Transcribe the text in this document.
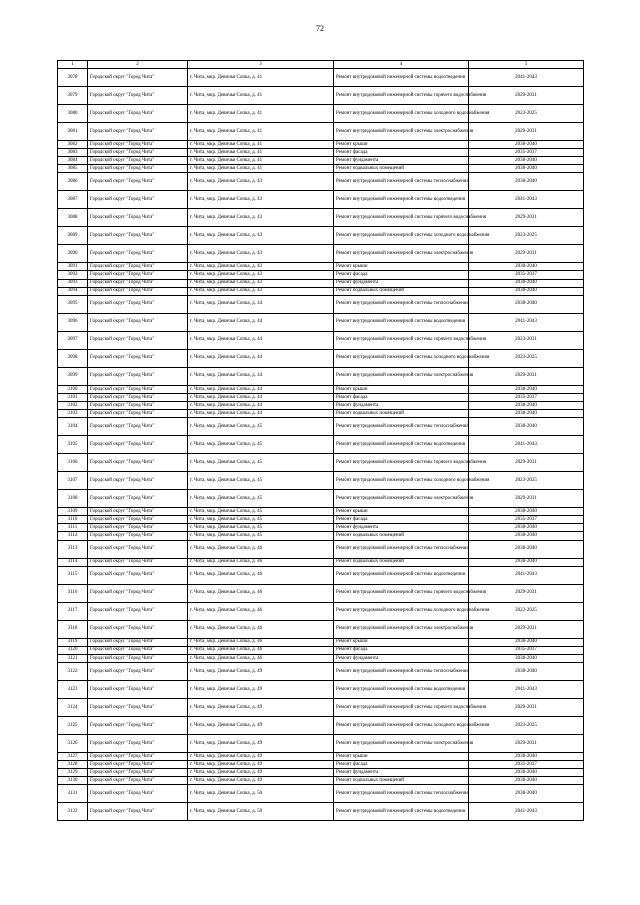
72
1	2	3	4	5
3078	Городской округ "Город Чита"	г. Чита, мкр. Девичья Сопка, д. 41	Ремонт внутридомовой инженерной системы водоотведения	2041-2043
3079	Городской округ "Город Чита"	г. Чита, мкр. Девичья Сопка, д. 41	Ремонт внутридомовой инженерной системы горячего водоснабжения	2029-2031
3080	Городской округ "Город Чита"	г. Чита, мкр. Девичья Сопка, д. 41	Ремонт внутридомовой инженерной системы холодного водоснабжения	2023-2025
3081	Городской округ "Город Чита"	г. Чита, мкр. Девичья Сопка, д. 41	Ремонт внутридомовой инженерной системы электроснабжения	2029-2031
3082	Городской округ "Город Чита"	г. Чита, мкр. Девичья Сопка, д. 41	Ремонт крыши	2038-2040
3083	Городской округ "Город Чита"	г. Чита, мкр. Девичья Сопка, д. 41	Ремонт фасада	2035-2037
3084	Городской округ "Город Чита"	г. Чита, мкр. Девичья Сопка, д. 41	Ремонт фундамента	2038-2040
3085	Городской округ "Город Чита"	г. Чита, мкр. Девичья Сопка, д. 41	Ремонт подвальных помещений	2038-2040
3086	Городской округ "Город Чита"	г. Чита, мкр. Девичья Сопка, д. 43	Ремонт внутридомовой инженерной системы теплоснабжения	2038-2040
3087	Городской округ "Город Чита"	г. Чита, мкр. Девичья Сопка, д. 43	Ремонт внутридомовой инженерной системы водоотведения	2041-2043
3088	Городской округ "Город Чита"	г. Чита, мкр. Девичья Сопка, д. 43	Ремонт внутридомовой инженерной системы горячего водоснабжения	2029-2031
3089	Городской округ "Город Чита"	г. Чита, мкр. Девичья Сопка, д. 43	Ремонт внутридомовой инженерной системы холодного водоснабжения	2023-2025
3090	Городской округ "Город Чита"	г. Чита, мкр. Девичья Сопка, д. 43	Ремонт внутридомовой инженерной системы электроснабжения	2029-2031
3091	Городской округ "Город Чита"	г. Чита, мкр. Девичья Сопка, д. 43	Ремонт крыши	2038-2040
3092	Городской округ "Город Чита"	г. Чита, мкр. Девичья Сопка, д. 43	Ремонт фасада	2035-2037
3093	Городской округ "Город Чита"	г. Чита, мкр. Девичья Сопка, д. 43	Ремонт фундамента	2038-2040
3094	Городской округ "Город Чита"	г. Чита, мкр. Девичья Сопка, д. 43	Ремонт подвальных помещений	2038-2040
3095	Городской округ "Город Чита"	г. Чита, мкр. Девичья Сопка, д. 44	Ремонт внутридомовой инженерной системы теплоснабжения	2038-2040
3096	Городской округ "Город Чита"	г. Чита, мкр. Девичья Сопка, д. 44	Ремонт внутридомовой инженерной системы водоотведения	2041-2043
3097	Городской округ "Город Чита"	г. Чита, мкр. Девичья Сопка, д. 44	Ремонт внутридомовой инженерной системы горячего водоснабжения	2023-2031
3098	Городской округ "Город Чита"	г. Чита, мкр. Девичья Сопка, д. 44	Ремонт внутридомовой инженерной системы холодного водоснабжения	2023-2025
3099	Городской округ "Город Чита"	г. Чита, мкр. Девичья Сопка, д. 44	Ремонт внутридомовой инженерной системы электроснабжения	2029-2031
3100	Городской округ "Город Чита"	г. Чита, мкр. Девичья Сопка, д. 44	Ремонт крыши	2038-2040
3101	Городской округ "Город Чита"	г. Чита, мкр. Девичья Сопка, д. 44	Ремонт фасада	2035-2037
3102	Городской округ "Город Чита"	г. Чита, мкр. Девичья Сопка, д. 44	Ремонт фундамента	2038-2040
3103	Городской округ "Город Чита"	г. Чита, мкр. Девичья Сопка, д. 44	Ремонт подвальных помещений	2038-2040
3104	Городской округ "Город Чита"	г. Чита, мкр. Девичья Сопка, д. 45	Ремонт внутридомовой инженерной системы теплоснабжения	2038-2040
3105	Городской округ "Город Чита"	г. Чита, мкр. Девичья Сопка, д. 45	Ремонт внутридомовой инженерной системы водоотведения	2041-2043
3106	Городской округ "Город Чита"	г. Чита, мкр. Девичья Сопка, д. 45	Ремонт внутридомовой инженерной системы горячего водоснабжения	2029-2031
3107	Городской округ "Город Чита"	г. Чита, мкр. Девичья Сопка, д. 45	Ремонт внутридомовой инженерной системы холодного водоснабжения	2023-2025
3108	Городской округ "Город Чита"	г. Чита, мкр. Девичья Сопка, д. 45	Ремонт внутридомовой инженерной системы электроснабжения	2029-2031
3109	Городской округ "Город Чита"	г. Чита, мкр. Девичья Сопка, д. 45	Ремонт крыши	2038-2040
3110	Городской округ "Город Чита"	г. Чита, мкр. Девичья Сопка, д. 45	Ремонт фасада	2035-2037
3111	Городской округ "Город Чита"	г. Чита, мкр. Девичья Сопка, д. 45	Ремонт фундамента	2038-2040
3112	Городской округ "Город Чита"	г. Чита, мкр. Девичья Сопка, д. 45	Ремонт подвальных помещений	2038-2040
3113	Городской округ "Город Чита"	г. Чита, мкр. Девичья Сопка, д. 46	Ремонт внутридомовой инженерной системы теплоснабжения	2038-2040
3114	Городской округ "Город Чита"	г. Чита, мкр. Девичья Сопка, д. 46	Ремонт подвальных помещений	2038-2040
3115	Городской округ "Город Чита"	г. Чита, мкр. Девичья Сопка, д. 46	Ремонт внутридомовой инженерной системы водоотведения	2041-2043
3116	Городской округ "Город Чита"	г. Чита, мкр. Девичья Сопка, д. 46	Ремонт внутридомовой инженерной системы горячего водоснабжения	2029-2031
3117	Городской округ "Город Чита"	г. Чита, мкр. Девичья Сопка, д. 46	Ремонт внутридомовой инженерной системы холодного водоснабжения	2023-2025
3118	Городской округ "Город Чита"	г. Чита, мкр. Девичья Сопка, д. 46	Ремонт внутридомовой инженерной системы электроснабжения	2029-2031
3119	Городской округ "Город Чита"	г. Чита, мкр. Девичья Сопка, д. 46	Ремонт крыши	2038-2040
3120	Городской округ "Город Чита"	г. Чита, мкр. Девичья Сопка, д. 46	Ремонт фасада	2035-2037
3121	Городской округ "Город Чита"	г. Чита, мкр. Девичья Сопка, д. 46	Ремонт фундамента	2038-2040
3122	Городской округ "Город Чита"	г. Чита, мкр. Девичья Сопка, д. 49	Ремонт внутридомовой инженерной системы теплоснабжения	2038-2040
3123	Городской округ "Город Чита"	г. Чита, мкр. Девичья Сопка, д. 49	Ремонт внутридомовой инженерной системы водоотведения	2041-2043
3124	Городской округ "Город Чита"	г. Чита, мкр. Девичья Сопка, д. 49	Ремонт внутридомовой инженерной системы горячего водоснабжения	2029-2031
3125	Городской округ "Город Чита"	г. Чита, мкр. Девичья Сопка, д. 49	Ремонт внутридомовой инженерной системы холодного водоснабжения	2023-2025
3126	Городской округ "Город Чита"	г. Чита, мкр. Девичья Сопка, д. 49	Ремонт внутридомовой инженерной системы электроснабжения	2029-2031
3127	Городской округ "Город Чита"	г. Чита, мкр. Девичья Сопка, д. 49	Ремонт крыши	2038-2040
3128	Городской округ "Город Чита"	г. Чита, мкр. Девичья Сопка, д. 49	Ремонт фасада	2035-2037
3129	Городской округ "Город Чита"	г. Чита, мкр. Девичья Сопка, д. 49	Ремонт фундамента	2038-2040
3130	Городской округ "Город Чита"	г. Чита, мкр. Девичья Сопка, д. 49	Ремонт подвальных помещений	2038-2040
3131	Городской округ "Город Чита"	г. Чита, мкр. Девичья Сопка, д. 50	Ремонт внутридомовой инженерной системы теплоснабжения	2038-2040
3132	Городской округ "Город Чита"	г. Чита, мкр. Девичья Сопка, д. 50	Ремонт внутридомовой инженерной системы водоотведения	2041-2043
